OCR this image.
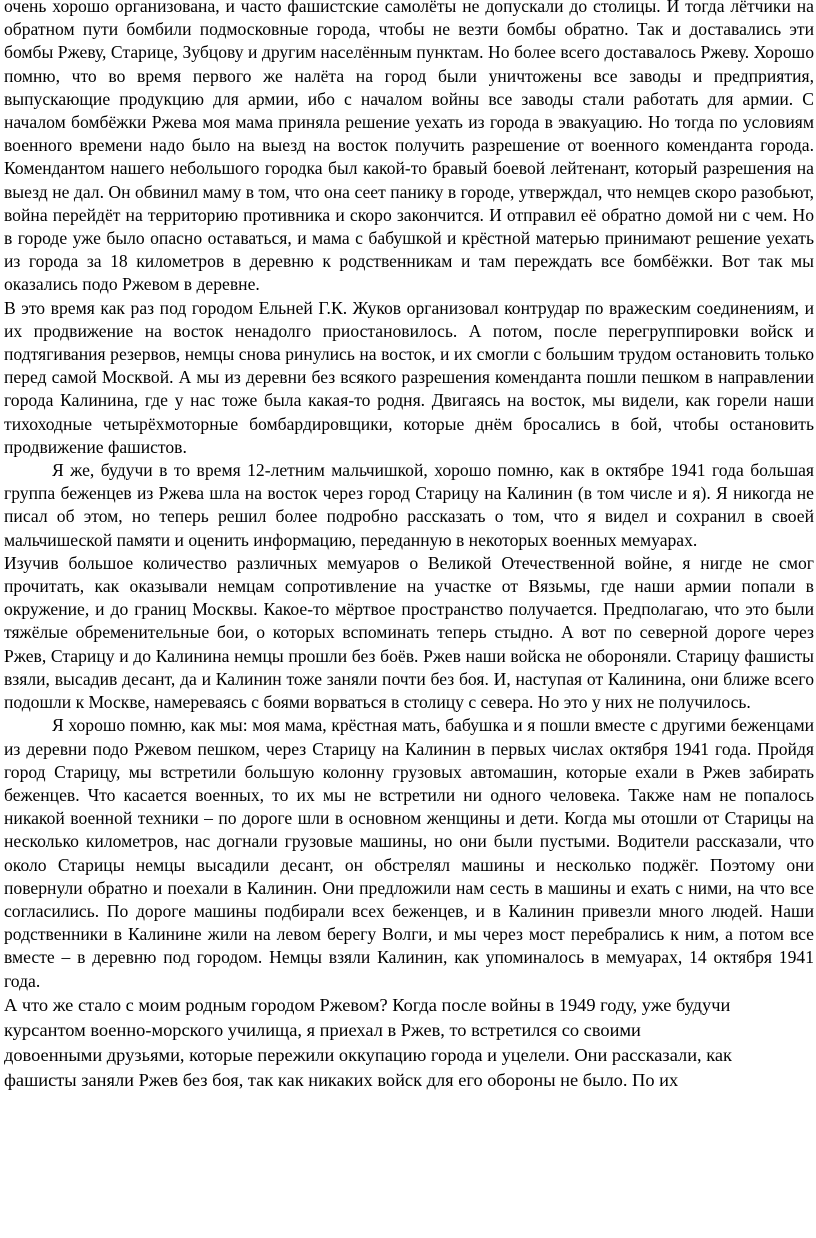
очень хорошо организована, и часто фашистские самолёты не допускали до столицы. И тогда лётчики на обратном пути бомбили подмосковные города, чтобы не везти бомбы обратно. Так и доставались эти бомбы Ржеву, Старице, Зубцову и другим населённым пунктам. Но более всего доставалось Ржеву. Хорошо помню, что во время первого же налёта на город были уничтожены все заводы и предприятия, выпускающие продукцию для армии, ибо с началом войны все заводы стали работать для армии. С началом бомбёжки Ржева моя мама приняла решение уехать из города в эвакуацию. Но тогда по условиям военного времени надо было на выезд на восток получить разрешение от военного коменданта города. Комендантом нашего небольшого городка был какой-то бравый боевой лейтенант, который разрешения на выезд не дал. Он обвинил маму в том, что она сеет панику в городе, утверждал, что немцев скоро разобьют, война перейдёт на территорию противника и скоро закончится. И отправил её обратно домой ни с чем. Но в городе уже было опасно оставаться, и мама с бабушкой и крёстной матерью принимают решение уехать из города за 18 километров в деревню к родственникам и там переждать все бомбёжки. Вот так мы оказались подо Ржевом в деревне.

В это время как раз под городом Ельней Г.К. Жуков организовал контрудар по вражеским соединениям, и их продвижение на восток ненадолго приостановилось. А потом, после перегруппировки войск и подтягивания резервов, немцы снова ринулись на восток, и их смогли с большим трудом остановить только перед самой Москвой. А мы из деревни без всякого разрешения коменданта пошли пешком в направлении города Калинина, где у нас тоже была какая-то родня. Двигаясь на восток, мы видели, как горели наши тихоходные четырёхмоторные бомбардировщики, которые днём бросались в бой, чтобы остановить продвижение фашистов.

Я же, будучи в то время 12-летним мальчишкой, хорошо помню, как в октябре 1941 года большая группа беженцев из Ржева шла на восток через город Старицу на Калинин (в том числе и я). Я никогда не писал об этом, но теперь решил более подробно рассказать о том, что я видел и сохранил в своей мальчишеской памяти и оценить информацию, переданную в некоторых военных мемуарах.

Изучив большое количество различных мемуаров о Великой Отечественной войне, я нигде не смог прочитать, как оказывали немцам сопротивление на участке от Вязьмы, где наши армии попали в окружение, и до границ Москвы. Какое-то мёртвое пространство получается. Предполагаю, что это были тяжёлые обременительные бои, о которых вспоминать теперь стыдно. А вот по северной дороге через Ржев, Старицу и до Калинина немцы прошли без боёв. Ржев наши войска не обороняли. Старицу фашисты взяли, высадив десант, да и Калинин тоже заняли почти без боя. И, наступая от Калинина, они ближе всего подошли к Москве, намереваясь с боями ворваться в столицу с севера. Но это у них не получилось.

Я хорошо помню, как мы: моя мама, крёстная мать, бабушка и я пошли вместе с другими беженцами из деревни подо Ржевом пешком, через Старицу на Калинин в первых числах октября 1941 года. Пройдя город Старицу, мы встретили большую колонну грузовых автомашин, которые ехали в Ржев забирать беженцев. Что касается военных, то их мы не встретили ни одного человека. Также нам не попалось никакой военной техники – по дороге шли в основном женщины и дети. Когда мы отошли от Старицы на несколько километров, нас догнали грузовые машины, но они были пустыми. Водители рассказали, что около Старицы немцы высадили десант, он обстрелял машины и несколько поджёг. Поэтому они повернули обратно и поехали в Калинин. Они предложили нам сесть в машины и ехать с ними, на что все согласились. По дороге машины подбирали всех беженцев, и в Калинин привезли много людей. Наши родственники в Калинине жили на левом берегу Волги, и мы через мост перебрались к ним, а потом все вместе – в деревню под городом. Немцы взяли Калинин, как упоминалось в мемуарах, 14 октября 1941 года.

А что же стало с моим родным городом Ржевом? Когда после войны в 1949 году, уже будучи

курсантом военно-морского училища, я приехал в Ржев, то встретился со своими

довоенными друзьями, которые пережили оккупацию города и уцелели. Они рассказали, как

фашисты заняли Ржев без боя, так как никаких войск для его обороны не было. По их
